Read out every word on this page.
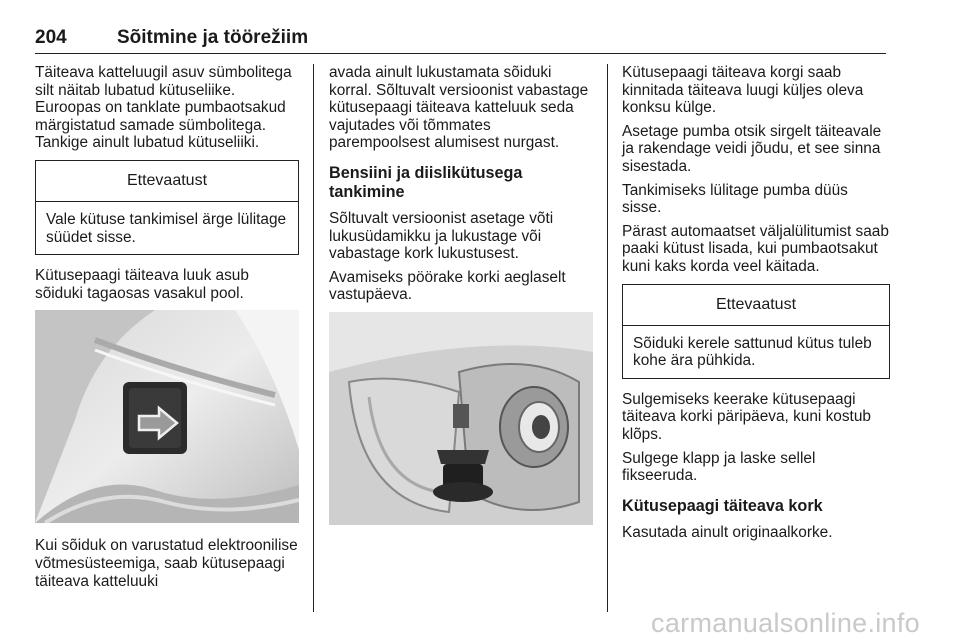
204	Sõitmine ja töörežiim

Täiteava katteluugil asuv sümbolitega silt näitab lubatud kütuseliike. Euroopas on tanklate pumbaotsakud märgistatud samade sümbolitega. Tankige ainult lubatud kütuseliiki.

Ettevaatust
Vale kütuse tankimisel ärge lülitage süüdet sisse.

Kütusepaagi täiteava luuk asub sõiduki tagaosas vasakul pool.

Kui sõiduk on varustatud elektroonilise võtmesüsteemiga, saab kütusepaagi täiteava katteluuki

avada ainult lukustamata sõiduki korral. Sõltuvalt versioonist vabastage kütusepaagi täiteava katteluuk seda vajutades või tõmmates parempoolsest alumisest nurgast.

Bensiini ja diislikütusega tankimine

Sõltuvalt versioonist asetage võti lukusüdamikku ja lukustage või vabastage kork lukustusest.

Avamiseks pöörake korki aeglaselt vastupäeva.

Kütusepaagi täiteava korgi saab kinnitada täiteava luugi küljes oleva konksu külge.

Asetage pumba otsik sirgelt täiteavale ja rakendage veidi jõudu, et see sinna sisestada.

Tankimiseks lülitage pumba düüs sisse.

Pärast automaatset väljalülitumist saab paaki kütust lisada, kui pumbaotsakut kuni kaks korda veel käitada.

Ettevaatust
Sõiduki kerele sattunud kütus tuleb kohe ära pühkida.

Sulgemiseks keerake kütusepaagi täiteava korki päripäeva, kuni kostub klõps.

Sulgege klapp ja laske sellel fikseeruda.

Kütusepaagi täiteava kork

Kasutada ainult originaalkorke.

carmanualsonline.info
